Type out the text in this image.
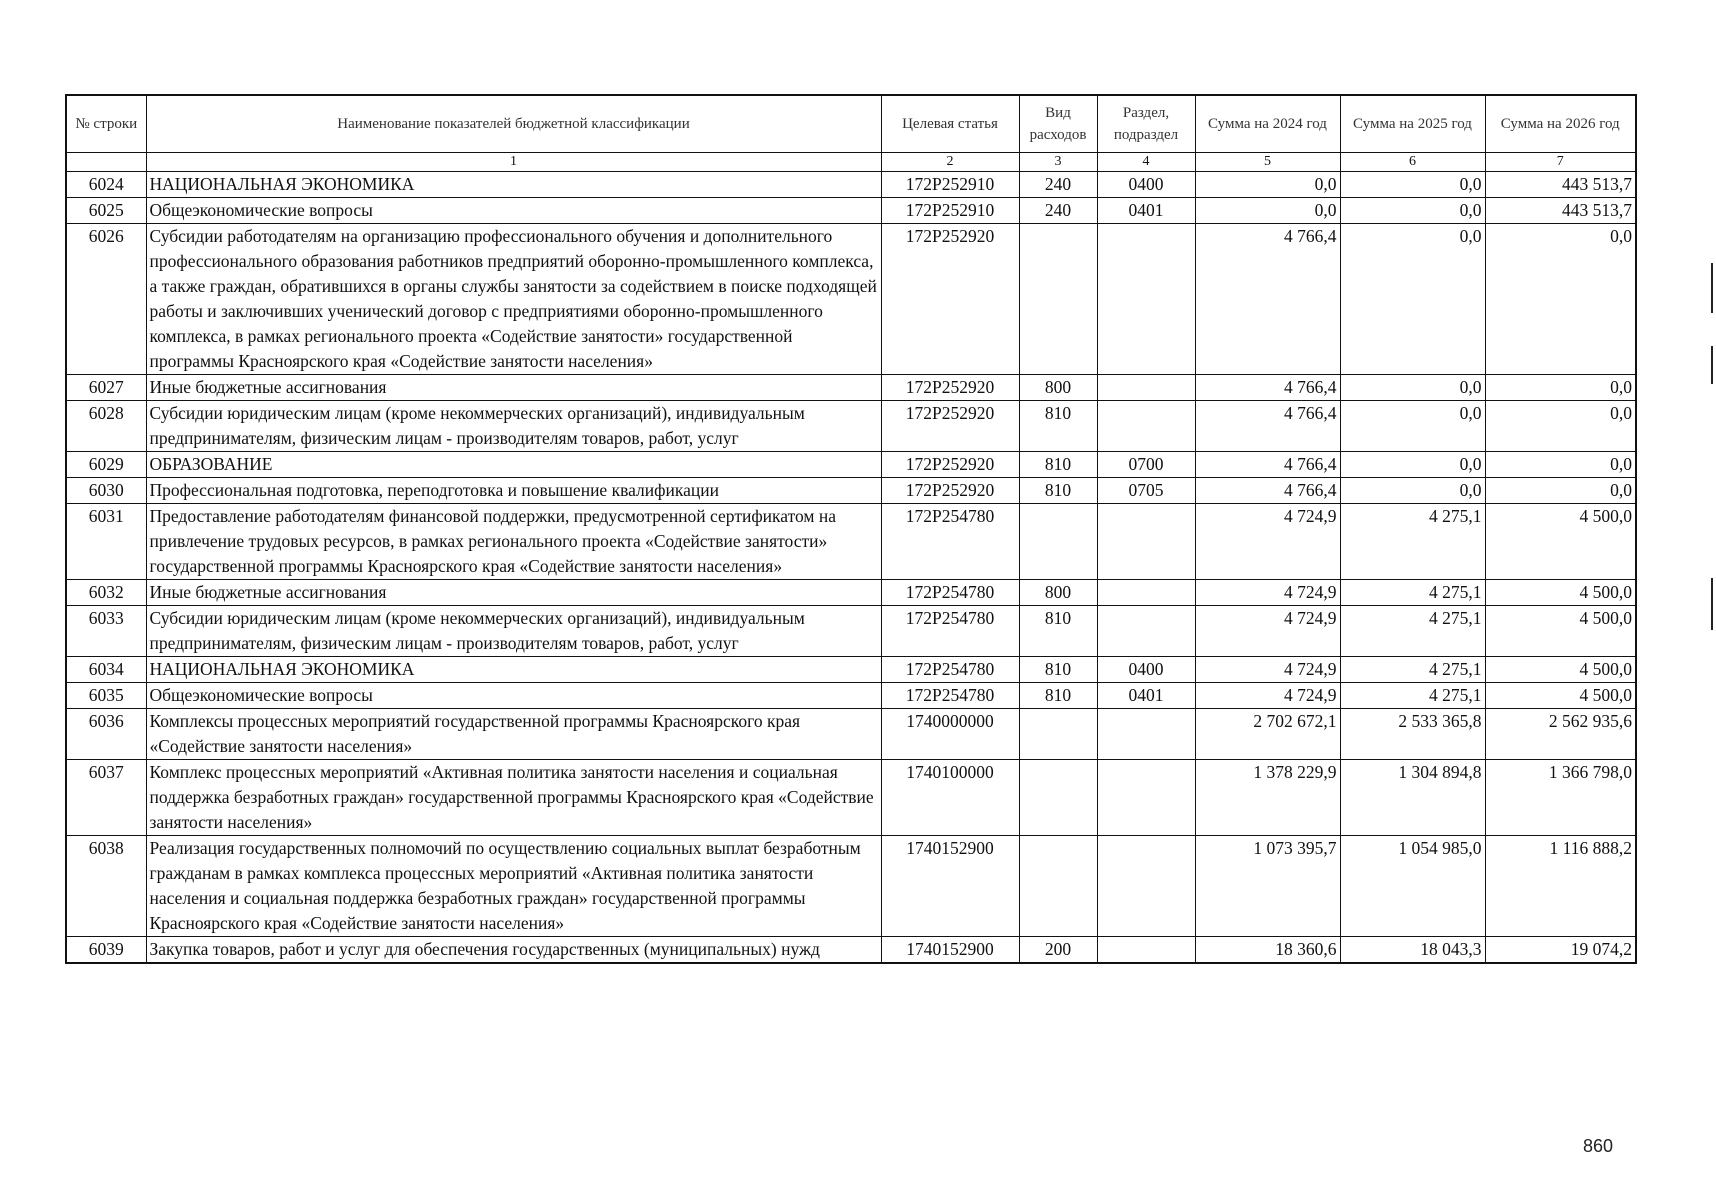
№ строки	Наименование показателей бюджетной классификации	Целевая статья	Вид расходов	Раздел, подраздел	Сумма на 2024 год	Сумма на 2025 год	Сумма на 2026 год
	1	2	3	4	5	6	7
6024	НАЦИОНАЛЬНАЯ ЭКОНОМИКА	172P252910	240	0400	0,0	0,0	443 513,7
6025	Общеэкономические вопросы	172P252910	240	0401	0,0	0,0	443 513,7
6026	Субсидии работодателям на организацию профессионального обучения и дополнительного профессионального образования работников предприятий оборонно-промышленного комплекса, а также граждан, обратившихся в органы службы занятости за содействием в поиске подходящей работы и заключивших ученический договор с предприятиями оборонно-промышленного комплекса, в рамках регионального проекта «Содействие занятости» государственной программы Красноярского края «Содействие занятости населения»	172P252920			4 766,4	0,0	0,0
6027	Иные бюджетные ассигнования	172P252920	800		4 766,4	0,0	0,0
6028	Субсидии юридическим лицам (кроме некоммерческих организаций), индивидуальным предпринимателям, физическим лицам - производителям товаров, работ, услуг	172P252920	810		4 766,4	0,0	0,0
6029	ОБРАЗОВАНИЕ	172P252920	810	0700	4 766,4	0,0	0,0
6030	Профессиональная подготовка, переподготовка и повышение квалификации	172P252920	810	0705	4 766,4	0,0	0,0
6031	Предоставление работодателям финансовой поддержки, предусмотренной сертификатом на привлечение трудовых ресурсов, в рамках регионального проекта «Содействие занятости» государственной программы Красноярского края «Содействие занятости населения»	172P254780			4 724,9	4 275,1	4 500,0
6032	Иные бюджетные ассигнования	172P254780	800		4 724,9	4 275,1	4 500,0
6033	Субсидии юридическим лицам (кроме некоммерческих организаций), индивидуальным предпринимателям, физическим лицам - производителям товаров, работ, услуг	172P254780	810		4 724,9	4 275,1	4 500,0
6034	НАЦИОНАЛЬНАЯ ЭКОНОМИКА	172P254780	810	0400	4 724,9	4 275,1	4 500,0
6035	Общеэкономические вопросы	172P254780	810	0401	4 724,9	4 275,1	4 500,0
6036	Комплексы процессных мероприятий государственной программы Красноярского края «Содействие занятости населения»	1740000000			2 702 672,1	2 533 365,8	2 562 935,6
6037	Комплекс процессных мероприятий «Активная политика занятости населения и социальная поддержка безработных граждан» государственной программы Красноярского края «Содействие занятости населения»	1740100000			1 378 229,9	1 304 894,8	1 366 798,0
6038	Реализация государственных полномочий по осуществлению социальных выплат безработным гражданам в рамках комплекса процессных мероприятий «Активная политика занятости населения и социальная поддержка безработных граждан» государственной программы Красноярского края «Содействие занятости населения»	1740152900			1 073 395,7	1 054 985,0	1 116 888,2
6039	Закупка товаров, работ и услуг для обеспечения государственных (муниципальных) нужд	1740152900	200		18 360,6	18 043,3	19 074,2
860
